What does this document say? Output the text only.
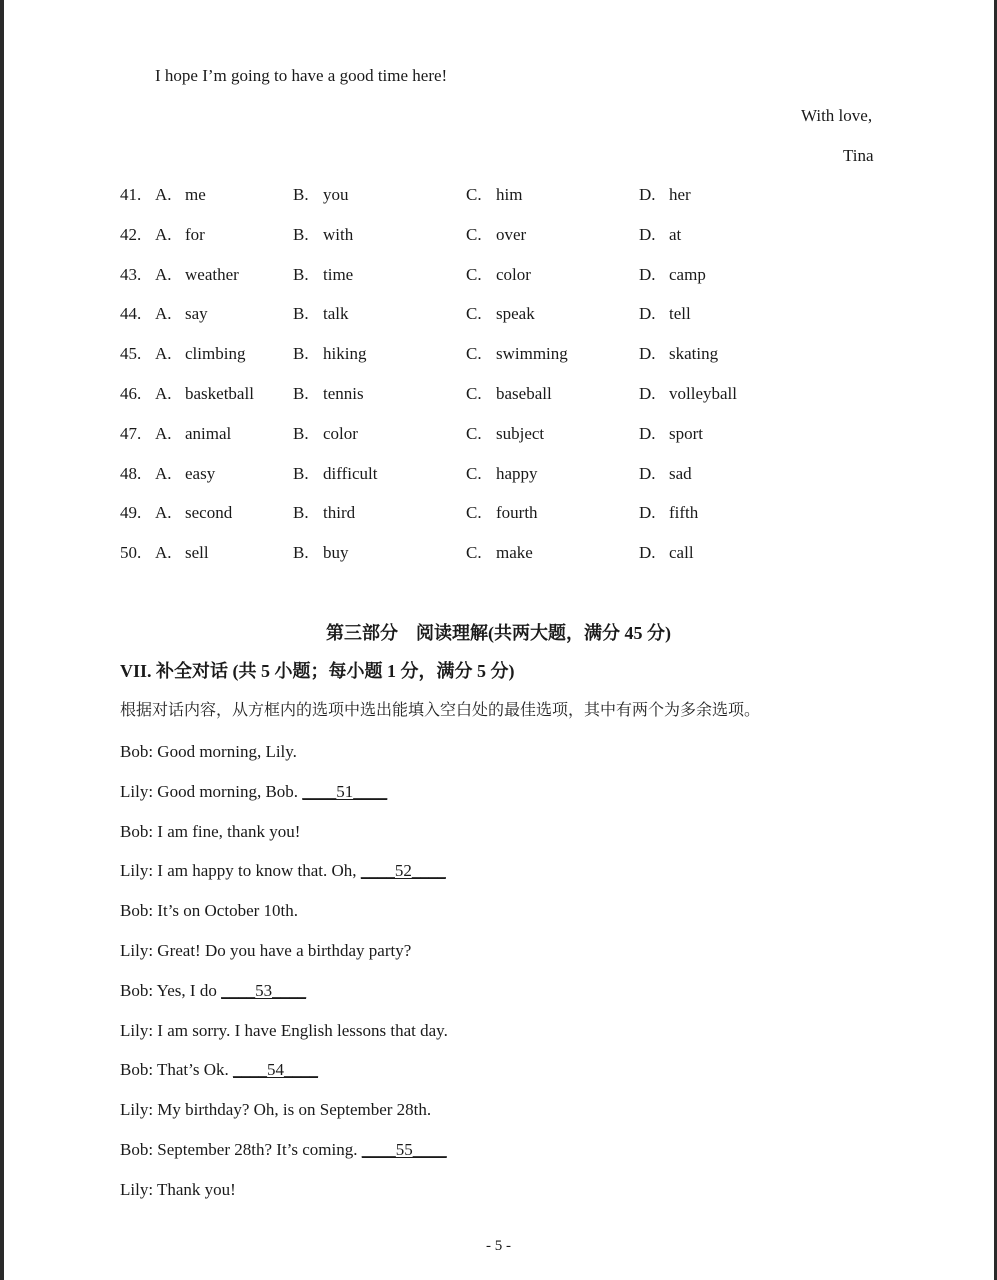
I hope I’m going to have a good time here!
With love,
Tina
41. A. me	B. you	C. him	D. her
42. A. for	B. with	C. over	D. at
43. A. weather	B. time	C. color	D. camp
44. A. say	B. talk	C. speak	D. tell
45. A. climbing	B. hiking	C. swimming	D. skating
46. A. basketball B. tennis	C. baseball	D. volleyball
47. A. animal	B. color	C. subject	D. sport
48. A. easy	B. difficult	C. happy	D. sad
49. A. second	B. third	C. fourth	D. fifth
50. A. sell	B. buy	C. make	D. call
第三部分　阅读理解(共两大题，满分 45 分)
VII. 补全对话 (共 5 小题；每小题 1 分，满分 5 分)
根据对话内容，从方框内的选项中选出能填入空白处的最佳选项，其中有两个为多余选项。
Bob: Good morning, Lily.
Lily: Good morning, Bob. ____51____
Bob: I am fine, thank you!
Lily: I am happy to know that. Oh, ____52____
Bob: It’s on October 10th.
Lily: Great! Do you have a birthday party?
Bob: Yes, I do ____53____
Lily: I am sorry. I have English lessons that day.
Bob: That’s Ok. ____54____
Lily: My birthday? Oh, is on September 28th.
Bob: September 28th? It’s coming. ____55____
Lily: Thank you!
- 5 -
